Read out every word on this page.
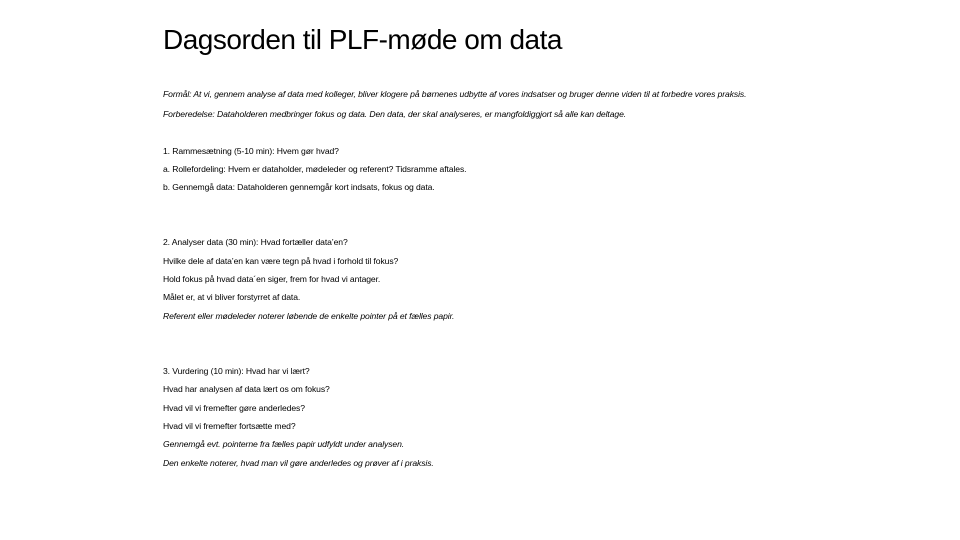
Dagsorden til PLF-møde om data
Formål: At vi, gennem analyse af data med kolleger, bliver klogere på børnenes udbytte af vores indsatser og bruger denne viden til at forbedre vores praksis.
Forberedelse: Dataholderen medbringer fokus og data. Den data, der skal analyseres, er mangfoldiggjort så alle kan deltage.
1. Rammesætning (5-10 min): Hvem gør hvad?
a. Rollefordeling: Hvem er dataholder, mødeleder og referent? Tidsramme aftales.
b. Gennemgå data: Dataholderen gennemgår kort indsats, fokus og data.
2. Analyser data (30 min): Hvad fortæller data’en?
Hvilke dele af data’en kan være tegn på hvad i forhold til fokus?
Hold fokus på hvad data´en siger, frem for hvad vi antager.
Målet er, at vi bliver forstyrret af data.
Referent eller mødeleder noterer løbende de enkelte pointer på et fælles papir.
3. Vurdering (10 min): Hvad har vi lært?
Hvad har analysen af data lært os om fokus?
Hvad vil vi fremefter gøre anderledes?
Hvad vil vi fremefter fortsætte med?
Gennemgå evt. pointerne fra fælles papir udfyldt under analysen.
Den enkelte noterer, hvad man vil gøre anderledes og prøver af i praksis.
